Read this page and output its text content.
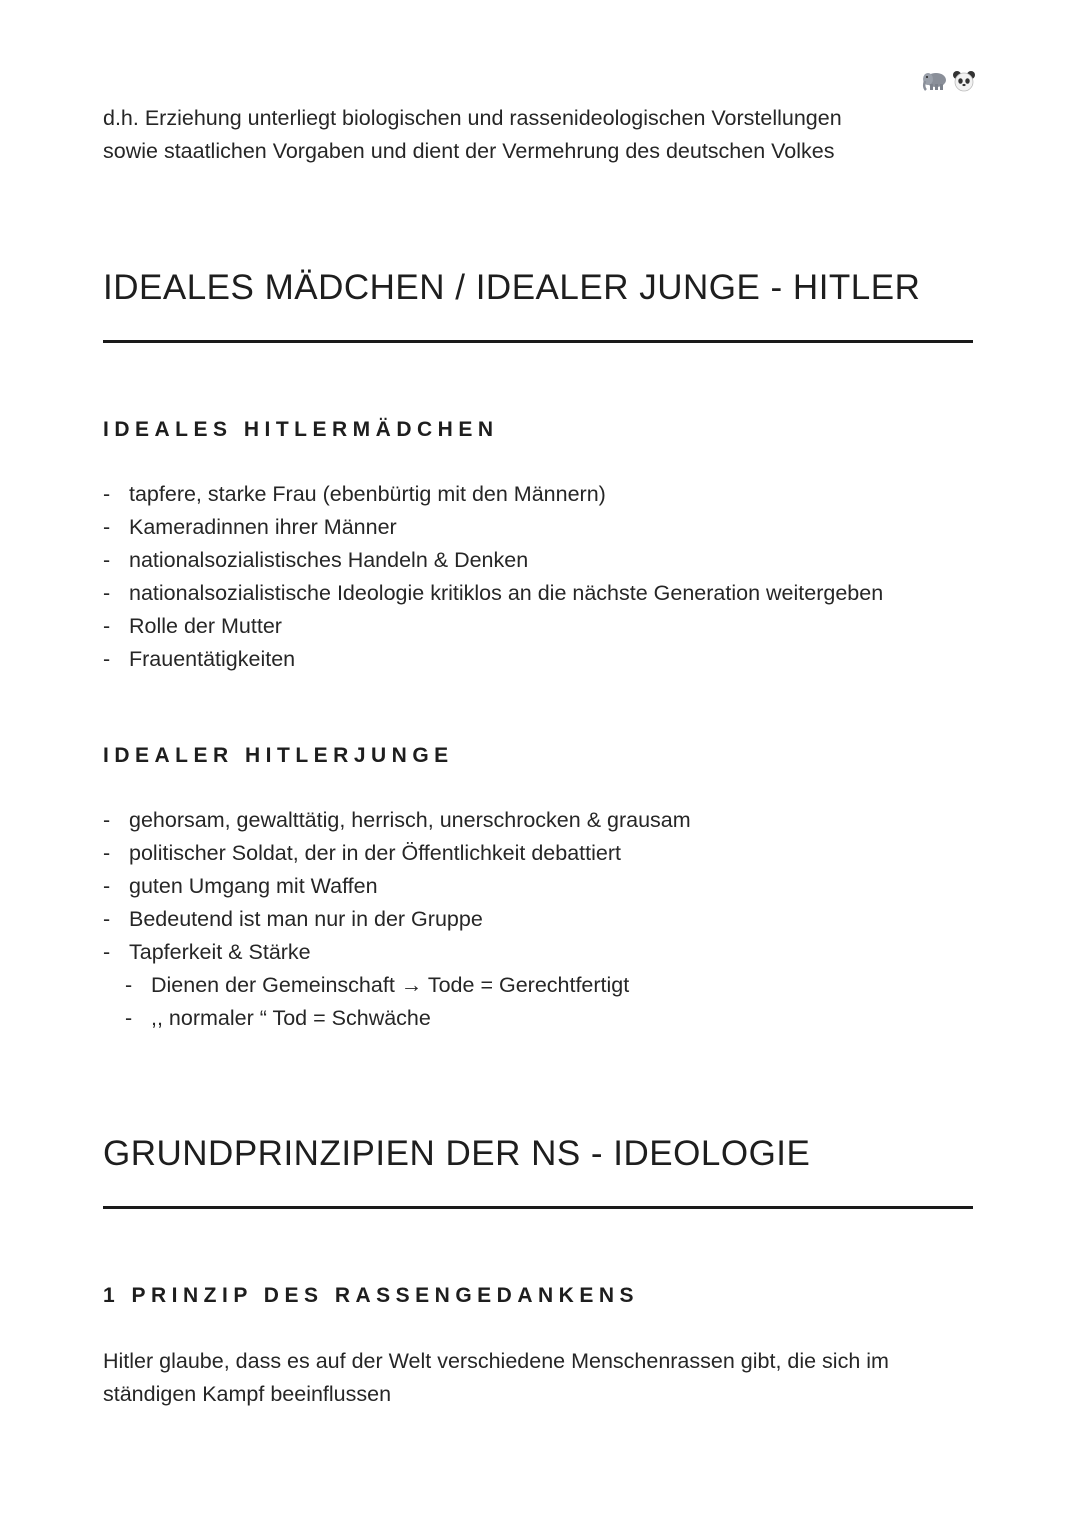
d.h. Erziehung unterliegt biologischen und rassenideologischen Vorstellungen
sowie staatlichen Vorgaben und dient der Vermehrung des deutschen Volkes
IDEALES MÄDCHEN / IDEALER JUNGE - HITLER
IDEALES HITLERMÄDCHEN
- tapfere, starke Frau (ebenbürtig mit den Männern)
- Kameradinnen ihrer Männer
- nationalsozialistisches Handeln & Denken
- nationalsozialistische Ideologie kritiklos an die nächste Generation weitergeben
- Rolle der Mutter
- Frauentätigkeiten
IDEALER HITLERJUNGE
- gehorsam, gewalttätig, herrisch, unerschrocken & grausam
- politischer Soldat, der in der Öffentlichkeit debattiert
- guten Umgang mit Waffen
- Bedeutend ist man nur in der Gruppe
- Tapferkeit & Stärke
- Dienen der Gemeinschaft → Tode = Gerechtfertigt
- ,, normaler “ Tod = Schwäche
GRUNDPRINZIPIEN DER NS - IDEOLOGIE
1 PRINZIP DES RASSENGEDANKENS
Hitler glaube, dass es auf der Welt verschiedene Menschenrassen gibt, die sich im
ständigen Kampf beeinflussen
